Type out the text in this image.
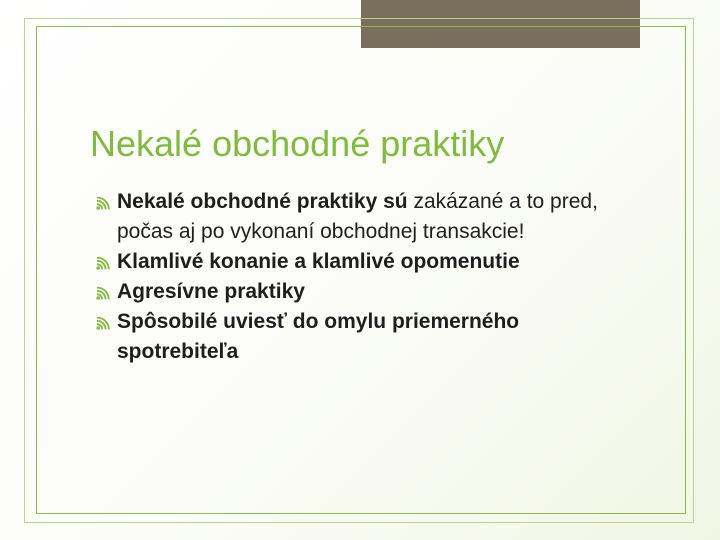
Nekalé obchodné praktiky
Nekalé obchodné praktiky sú zakázané a to pred, počas aj po vykonaní obchodnej transakcie!
Klamlivé konanie a klamlivé opomenutie
Agresívne praktiky
Spôsobilé uviesť do omylu priemerného spotrebiteľa
